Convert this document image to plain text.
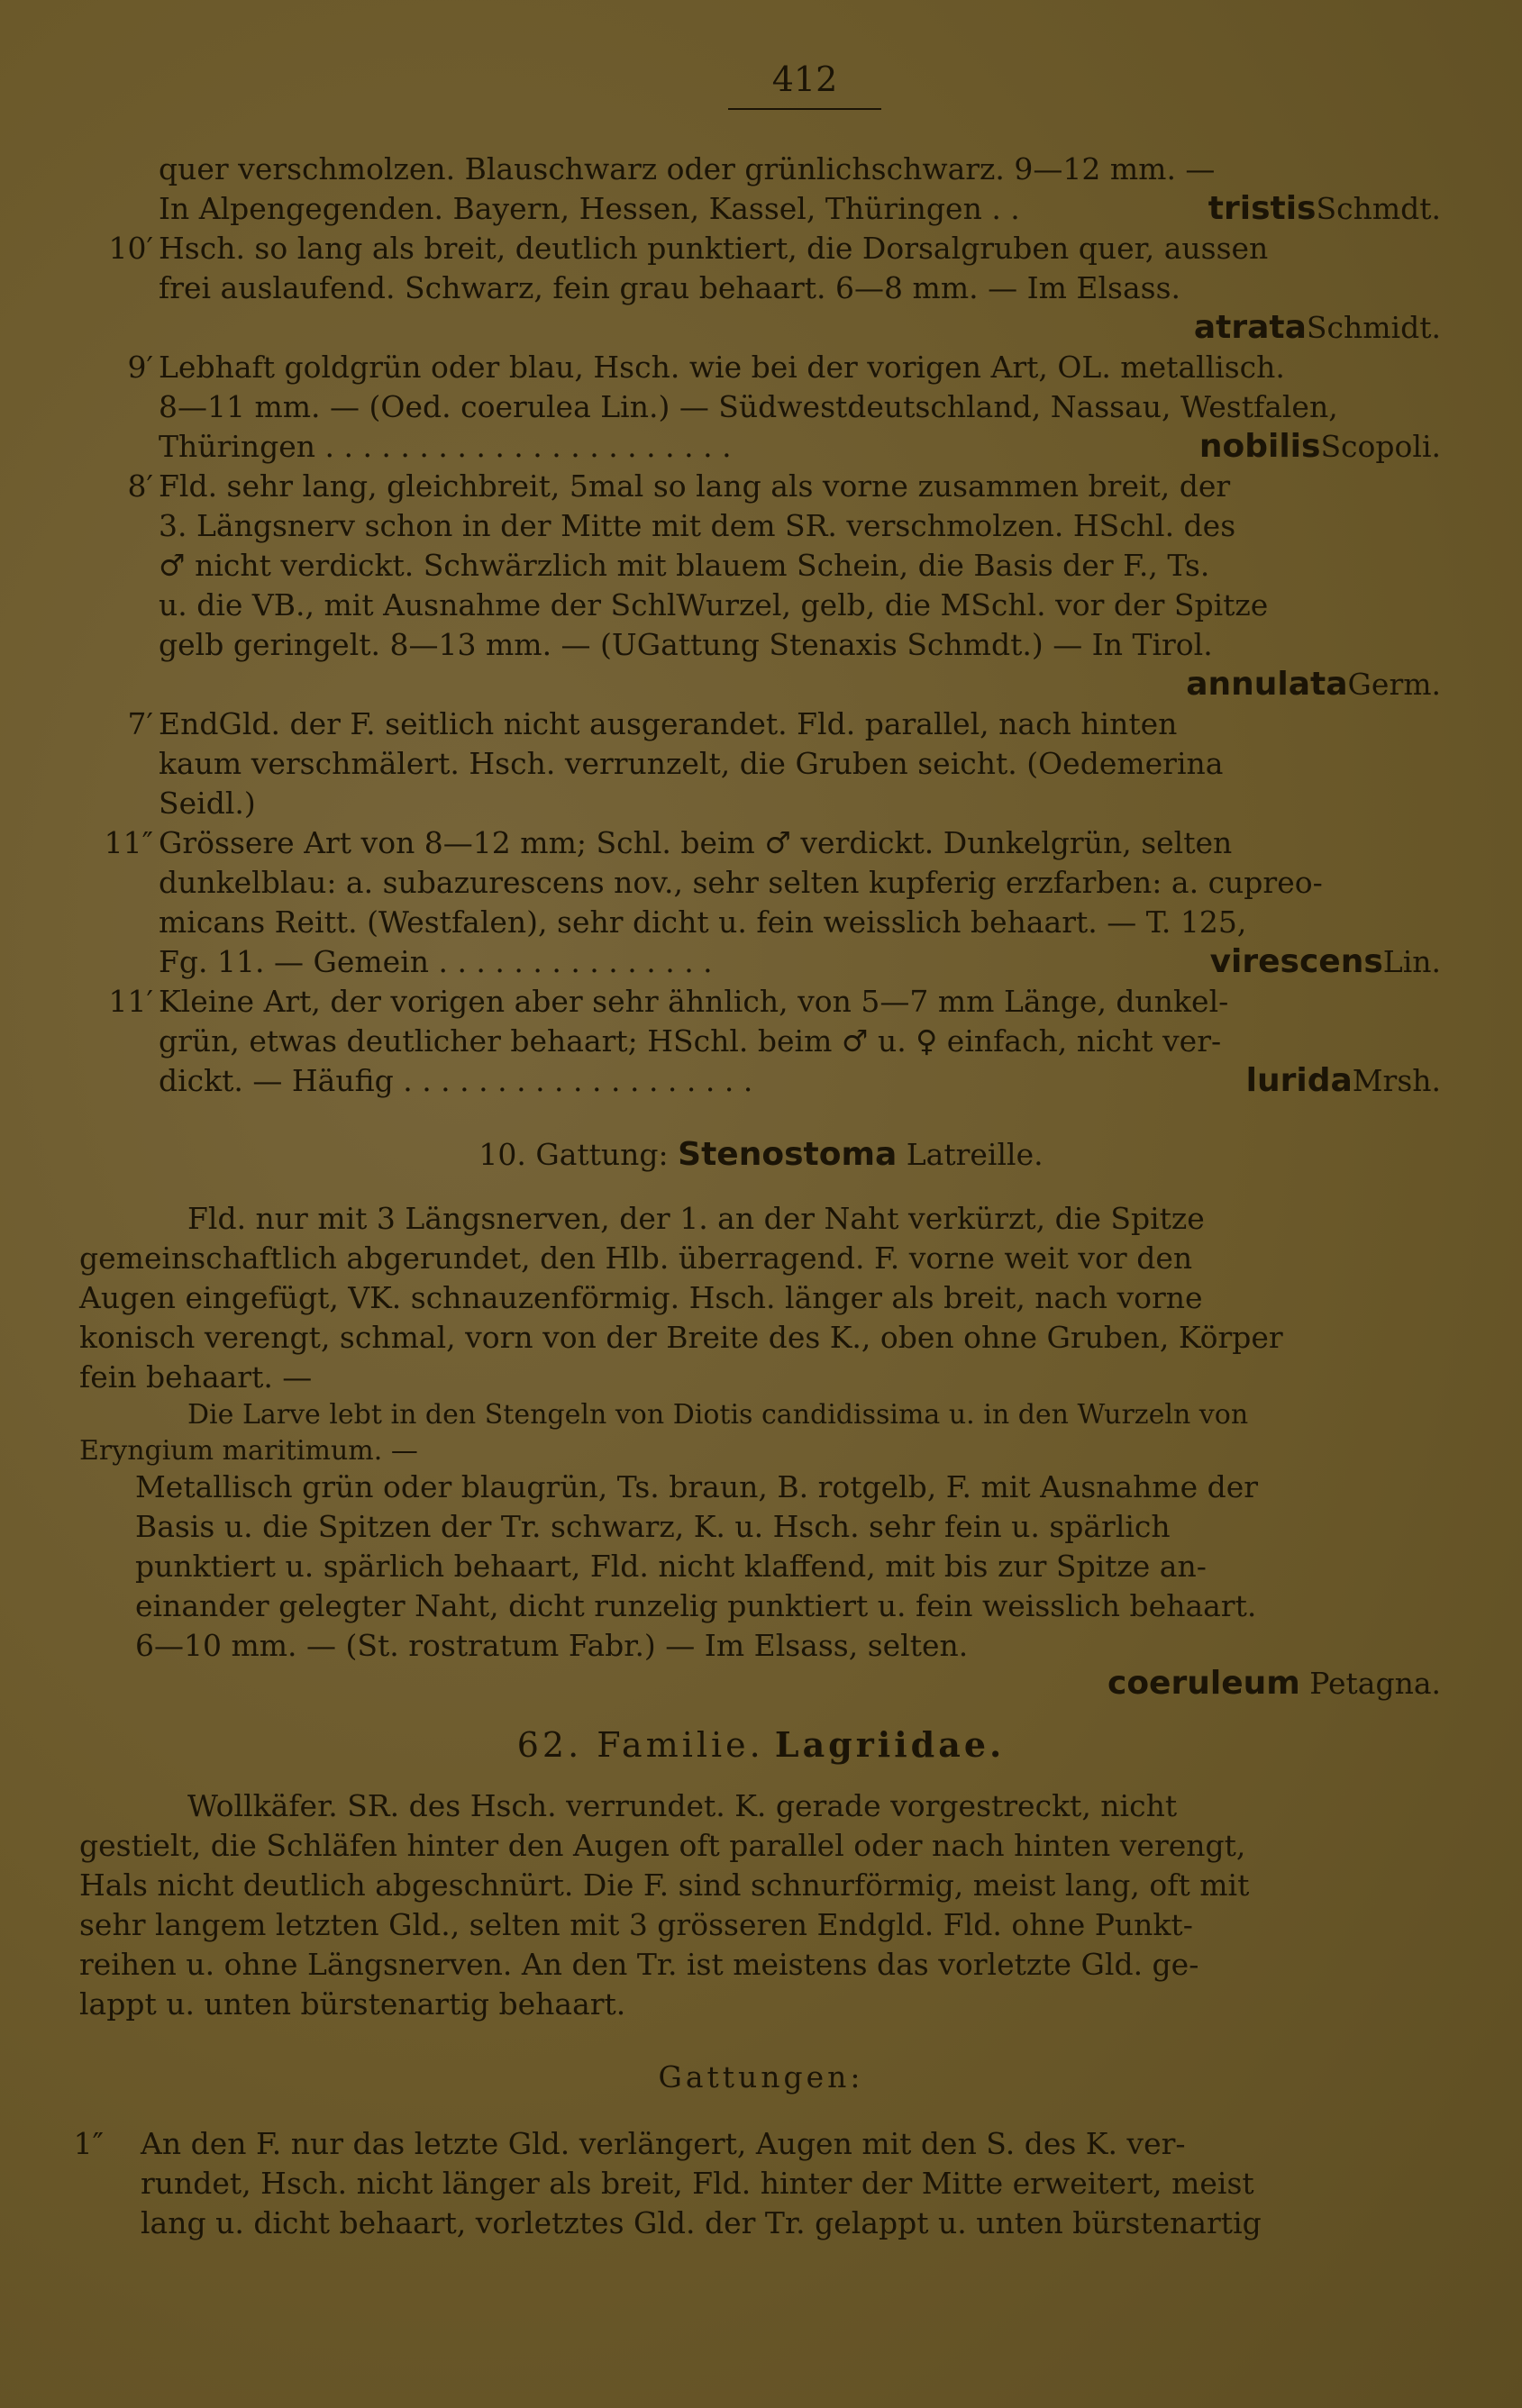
412
quer verschmolzen. Blauschwarz oder grünlichschwarz. 9—12 mm. —
In Alpengegenden. Bayern, Hessen, Kassel, Thüringen . .	tristisSchmdt.
10′ Hsch. so lang als breit, deutlich punktiert, die Dorsalgruben quer, aussen
frei auslaufend. Schwarz, fein grau behaart. 6—8 mm. — Im Elsass.
atrataSchmidt.
9′ Lebhaft goldgrün oder blau, Hsch. wie bei der vorigen Art, OL. metallisch.
8—11 mm. — (Oed. coerulea Lin.) — Südwestdeutschland, Nassau, Westfalen,
Thüringen . . . . . . . . . . . . . . . . . . . . . .	nobilisScopoli.
8′ Fld. sehr lang, gleichbreit, 5mal so lang als vorne zusammen breit, der
3. Längsnerv schon in der Mitte mit dem SR. verschmolzen. HSchl. des
♂ nicht verdickt. Schwärzlich mit blauem Schein, die Basis der F., Ts.
u. die VB., mit Ausnahme der SchlWurzel, gelb, die MSchl. vor der Spitze
gelb geringelt. 8—13 mm. — (UGattung Stenaxis Schmdt.) — In Tirol.
annulataGerm.
7′ EndGld. der F. seitlich nicht ausgerandet. Fld. parallel, nach hinten
kaum verschmälert. Hsch. verrunzelt, die Gruben seicht. (Oedemerina
Seidl.)
11″ Grössere Art von 8—12 mm; Schl. beim ♂ verdickt. Dunkelgrün, selten
dunkelblau: a. subazurescens nov., sehr selten kupferig erzfarben: a. cupreo-
micans Reitt. (Westfalen), sehr dicht u. fein weisslich behaart. — T. 125,
Fg. 11. — Gemein . . . . . . . . . . . . . . .	virescensLin.
11′ Kleine Art, der vorigen aber sehr ähnlich, von 5—7 mm Länge, dunkel-
grün, etwas deutlicher behaart; HSchl. beim ♂ u. ♀ einfach, nicht ver-
dickt. — Häufig . . . . . . . . . . . . . . . . . . .	luridaMrsh.
10. Gattung: Stenostoma Latreille.
Fld. nur mit 3 Längsnerven, der 1. an der Naht verkürzt, die Spitze
gemeinschaftlich abgerundet, den Hlb. überragend. F. vorne weit vor den
Augen eingefügt, VK. schnauzenförmig. Hsch. länger als breit, nach vorne
konisch verengt, schmal, vorn von der Breite des K., oben ohne Gruben, Körper
fein behaart. —
Die Larve lebt in den Stengeln von Diotis candidissima u. in den Wurzeln von
Eryngium maritimum. —
Metallisch grün oder blaugrün, Ts. braun, B. rotgelb, F. mit Ausnahme der
Basis u. die Spitzen der Tr. schwarz, K. u. Hsch. sehr fein u. spärlich
punktiert u. spärlich behaart, Fld. nicht klaffend, mit bis zur Spitze an-
einander gelegter Naht, dicht runzelig punktiert u. fein weisslich behaart.
6—10 mm. — (St. rostratum Fabr.) — Im Elsass, selten.
coeruleum Petagna.
62. Familie. Lagriidae.
Wollkäfer. SR. des Hsch. verrundet. K. gerade vorgestreckt, nicht
gestielt, die Schläfen hinter den Augen oft parallel oder nach hinten verengt,
Hals nicht deutlich abgeschnürt. Die F. sind schnurförmig, meist lang, oft mit
sehr langem letzten Gld., selten mit 3 grösseren Endgld. Fld. ohne Punkt-
reihen u. ohne Längsnerven. An den Tr. ist meistens das vorletzte Gld. ge-
lappt u. unten bürstenartig behaart.
Gattungen:
1″ An den F. nur das letzte Gld. verlängert, Augen mit den S. des K. ver-
rundet, Hsch. nicht länger als breit, Fld. hinter der Mitte erweitert, meist
lang u. dicht behaart, vorletztes Gld. der Tr. gelappt u. unten bürstenartig
